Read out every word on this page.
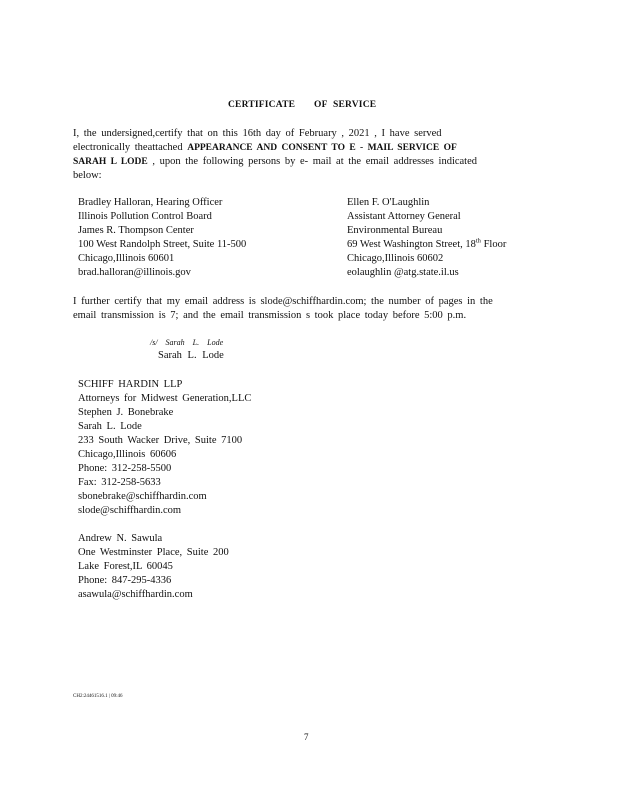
CERTIFICATE OF SERVICE
I, the undersigned,certify that on this 16th day of February , 2021 , I have served
electronically theattached APPEARANCE AND CONSENT TO E - MAIL SERVICE OF
SARAH L LODE , upon the following persons by e- mail at the email addresses indicated
below:
Bradley Halloran, Hearing Officer
Illinois Pollution Control Board
James R. Thompson Center
100 West Randolph Street, Suite 11-500
Chicago,Illinois 60601
brad.halloran@illinois.gov
Ellen F. O'Laughlin
Assistant Attorney General
Environmental Bureau
69 West Washington Street, 18th Floor
Chicago,Illinois 60602
eolaughlin @atg.state.il.us
I further certify that my email address is slode@schiffhardin.com; the number of pages in the
email transmission is 7; and the email transmission s took place today before 5:00 p.m.
/s/ Sarah L. Lode
Sarah L. Lode
SCHIFF HARDIN LLP
Attorneys for Midwest Generation,LLC
Stephen J. Bonebrake
Sarah L. Lode
233 South Wacker Drive, Suite 7100
Chicago,Illinois 60606
Phone: 312-258-5500
Fax: 312-258-5633
sbonebrake@schiffhardin.com
slode@schiffhardin.com
Andrew N. Sawula
One Westminster Place, Suite 200
Lake Forest,IL 60045
Phone: 847-295-4336
asawula@schiffhardin.com
CH2:24461516.1 | 09:46
7
